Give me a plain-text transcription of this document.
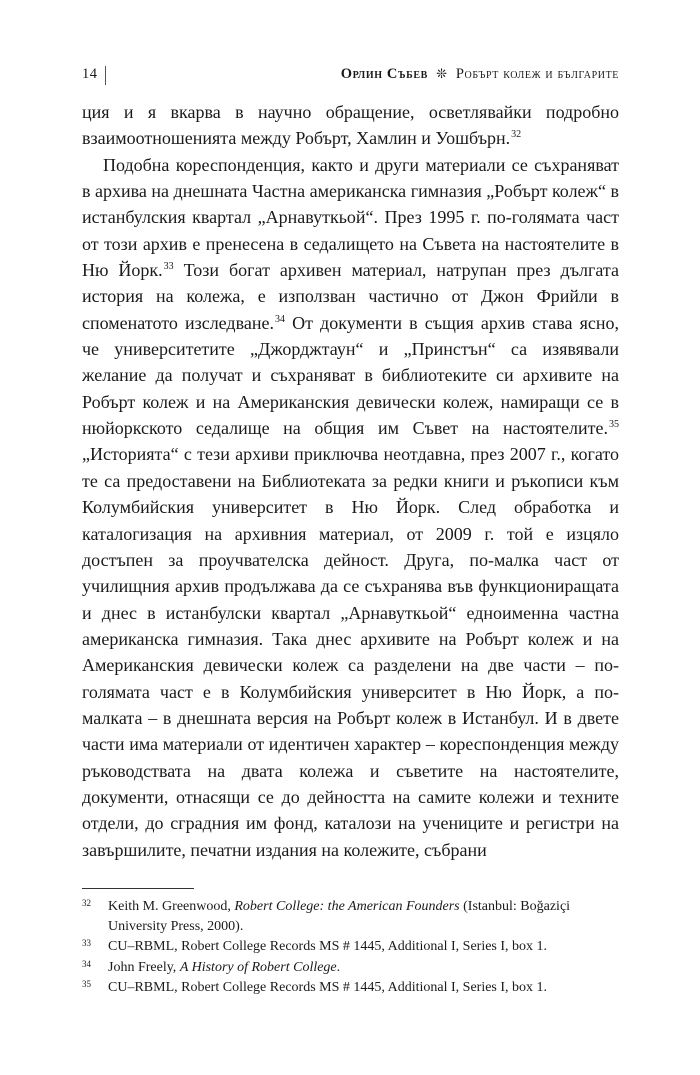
14	Орлин Събев ❊ Робърт колеж и българите

ция и я вкарва в научно обращение, осветлявайки подробно взаимоотношенията между Робърт, Хамлин и Уошбърн.$^{32}$

Подобна кореспонденция, както и други материали се съхраняват в архива на днешната Частна американска гимназия „Робърт колеж“ в истанбулския квартал „Арнавуткьой“. През 1995 г. по-голямата част от този архив е пренесена в седалището на Съвета на настоятелите в Ню Йорк.$^{33}$ Този богат архивен материал, натрупан през дългата история на колежа, е използван частично от Джон Фрийли в споменатото изследване.$^{34}$ От документи в същия архив става ясно, че университетите „Джорджтаун“ и „Принстън“ са изявявали желание да получат и съхраняват в библиотеките си архивите на Робърт колеж и на Американския девически колеж, намиращи се в нюйоркското седалище на общия им Съвет на настоятелите.$^{35}$ „Историята“ с тези архиви приключва неотдавна, през 2007 г., когато те са предоставени на Библиотеката за редки книги и ръкописи към Колумбийския университет в Ню Йорк. След обработка и каталогизация на архивния материал, от 2009 г. той е изцяло достъпен за проучвателска дейност. Друга, по-малка част от училищния архив продължава да се съхранява във функциониращата и днес в истанбулски квартал „Арнавуткьой“ едноименна частна американска гимназия. Така днес архивите на Робърт колеж и на Американския девически колеж са разделени на две части – по-голямата част е в Колумбийския университет в Ню Йорк, а по-малката – в днешната версия на Робърт колеж в Истанбул. И в двете части има материали от идентичен характер – кореспонденция между ръководствата на двата колежа и съветите на настоятелите, документи, отнасящи се до дейността на самите колежи и техните отдели, до сградния им фонд, каталози на учениците и регистри на завършилите, печатни издания на колежите, събрани

32 Keith M. Greenwood, Robert College: the American Founders (Istanbul: Boğaziçi University Press, 2000).

33 CU–RBML, Robert College Records MS # 1445, Additional I, Series I, box 1.

34 John Freely, A History of Robert College.

35 CU–RBML, Robert College Records MS # 1445, Additional I, Series I, box 1.
